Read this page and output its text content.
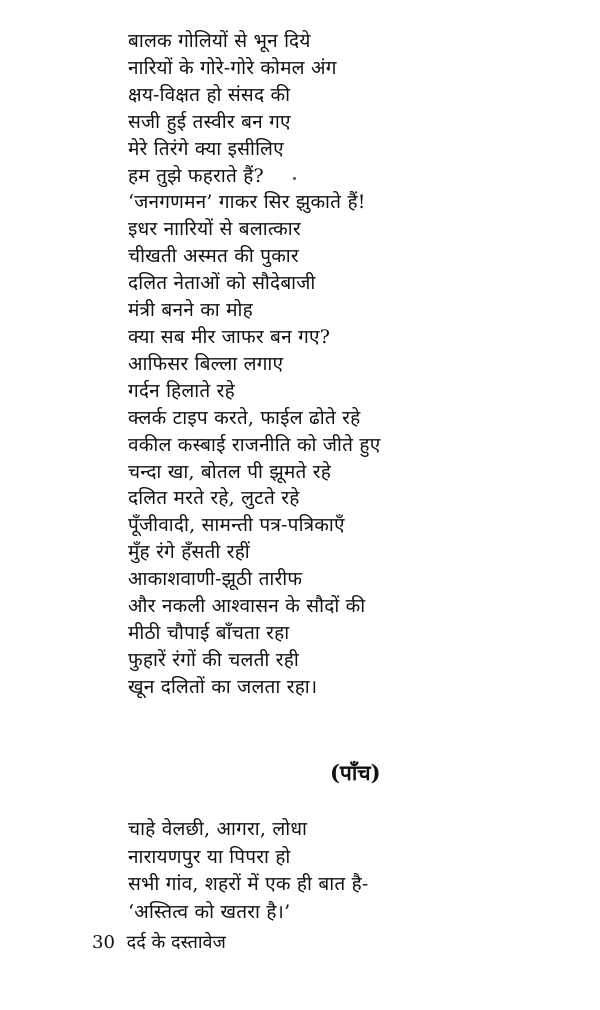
बालक गोलियों से भून दिये
नारियों के गोरे-गोरे कोमल अंग
क्षय-विक्षत हो संसद की
सजी हुई तस्वीर बन गए
मेरे तिरंगे क्या इसीलिए
हम तुझे फहराते हैं?
‘जनगणमन’ गाकर सिर झुकाते हैं!
इधर नाारियों से बलात्कार
चीखती अस्मत की पुकार
दलित नेताओं को सौदेबाजी
मंत्री बनने का मोह
क्या सब मीर जाफर बन गए?
आफिसर बिल्ला लगाए
गर्दन हिलाते रहे
क्लर्क टाइप करते, फाईल ढोते रहे
वकील कस्बाई राजनीति को जीते हुए
चन्दा खा, बोतल पी झूमते रहे
दलित मरते रहे, लुटते रहे
पूँजीवादी, सामन्ती पत्र-पत्रिकाएँ
मुँह रंगे हँसती रहीं
आकाशवाणी-झूठी तारीफ
और नकली आश्वासन के सौदों की
मीठी चौपाई बाँचता रहा
फुहारें रंगों की चलती रही
खून दलितों का जलता रहा।
(पाँच)
चाहे वेलछी, आगरा, लोधा
नारायणपुर या पिपरा हो
सभी गांव, शहरों में एक ही बात है-
‘अस्तित्व को खतरा है।’
30 दर्द के दस्तावेज
